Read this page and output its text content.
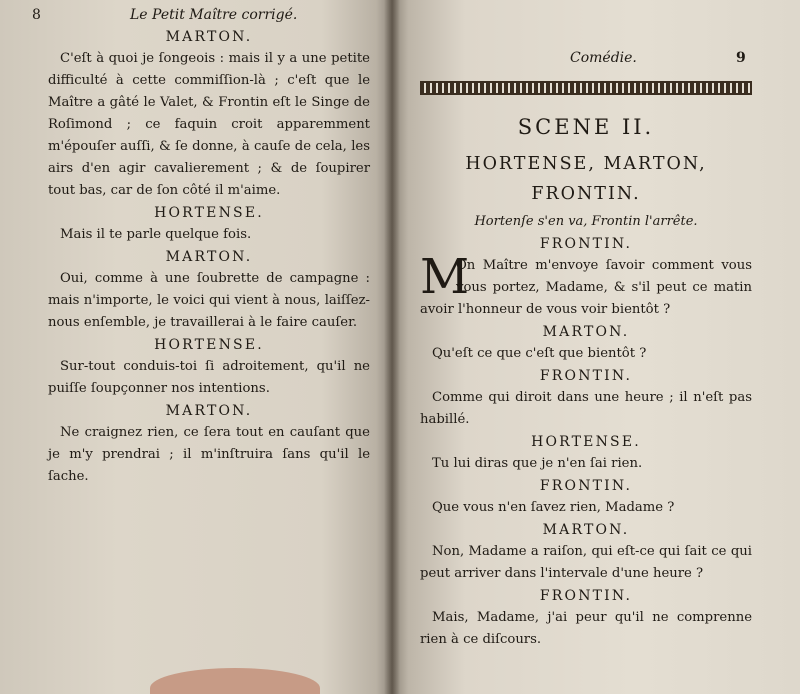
8	Le Petit Maître corrigé.
MARTON.
C'eſt à quoi je ſongeois : mais il y a une petite difficulté à cette commiſſion-là ; c'eſt que le Maître a gâté le Valet, & Frontin eſt le Singe de Roſimond ; ce faquin croit apparemment m'épouſer auſſi, & ſe donne, à cauſe de cela, les airs d'en agir cavalierement ; & de ſoupirer tout bas, car de ſon côté il m'aime.
HORTENSE.
Mais il te parle quelque fois.
MARTON.
Oui, comme à une ſoubrette de campagne : mais n'importe, le voici qui vient à nous, laiſſez-nous enſemble, je travaillerai à le faire cauſer.
HORTENSE.
Sur-tout conduis-toi ſi adroitement, qu'il ne puiſſe ſoupçonner nos intentions.
MARTON.
Ne craignez rien, ce ſera tout en cauſant que je m'y prendrai ; il m'inſtruira ſans qu'il le ſache.
Comédie.	9
SCENE II.
HORTENSE, MARTON,
FRONTIN.
Hortenſe s'en va, Frontin l'arrête.
FRONTIN.
M
On Maître m'envoye ſavoir comment vous vous portez, Madame, & s'il peut ce matin avoir l'honneur de vous voir bientôt ?
MARTON.
Qu'eſt ce que c'eſt que bientôt ?
FRONTIN.
Comme qui diroit dans une heure ; il n'eſt pas habillé.
HORTENSE.
Tu lui diras que je n'en ſai rien.
FRONTIN.
Que vous n'en ſavez rien, Madame ?
MARTON.
Non, Madame a raiſon, qui eſt-ce qui ſait ce qui peut arriver dans l'intervale d'une heure ?
FRONTIN.
Mais, Madame, j'ai peur qu'il ne comprenne rien à ce diſcours.
